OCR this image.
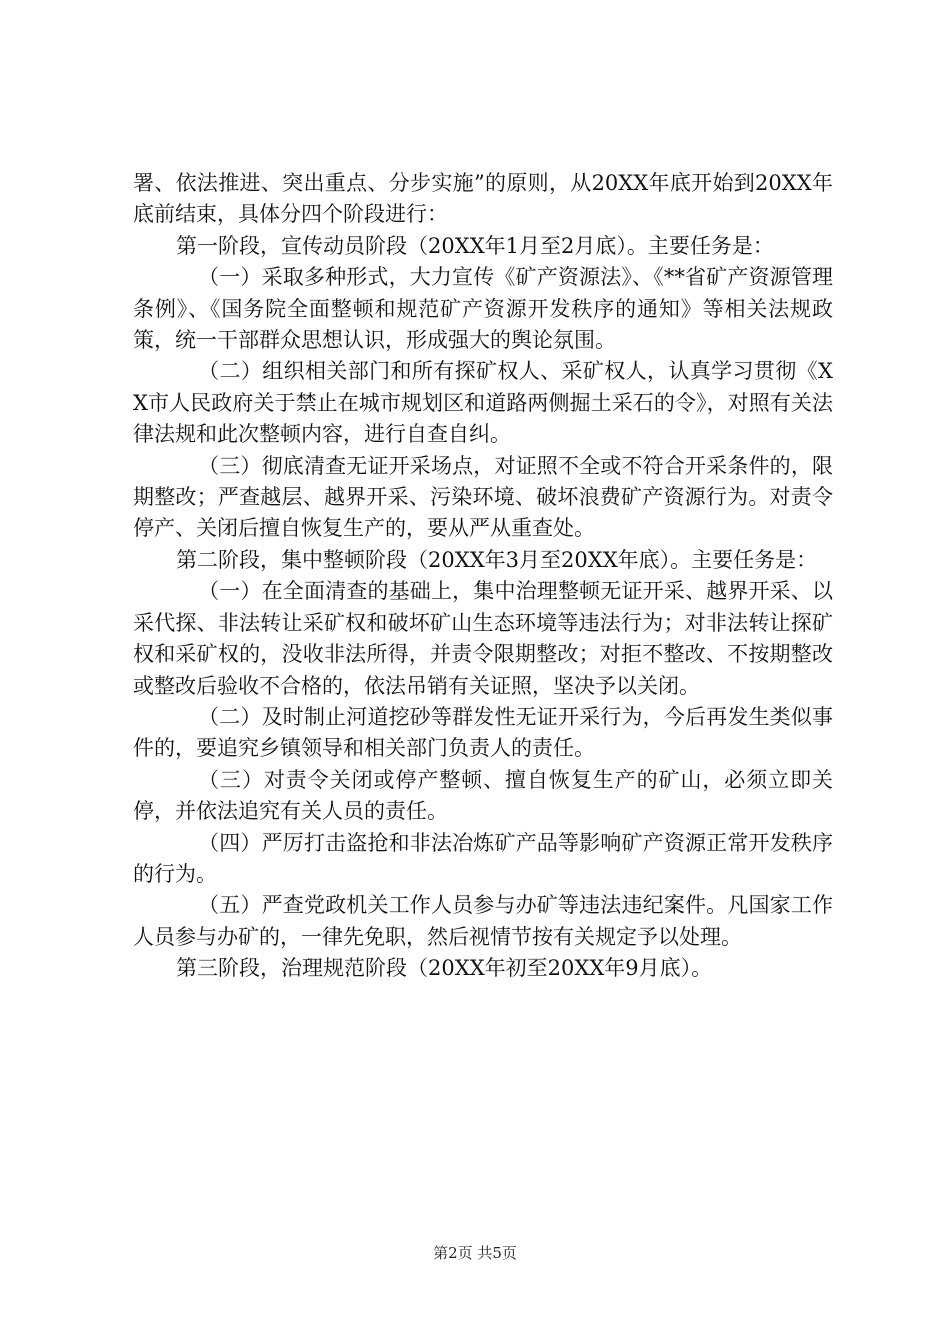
署、依法推进、突出重点、分步实施”的原则，从20XX年底开始到20XX年底前结束，具体分四个阶段进行：

第一阶段，宣传动员阶段（20XX年1月至2月底）。主要任务是：

（一）采取多种形式，大力宣传《矿产资源法》、《**省矿产资源管理条例》、《国务院全面整顿和规范矿产资源开发秩序的通知》等相关法规政策，统一干部群众思想认识，形成强大的舆论氛围。

（二）组织相关部门和所有探矿权人、采矿权人，认真学习贯彻《XX市人民政府关于禁止在城市规划区和道路两侧掘土采石的令》，对照有关法律法规和此次整顿内容，进行自查自纠。

（三）彻底清查无证开采场点，对证照不全或不符合开采条件的，限期整改；严查越层、越界开采、污染环境、破坏浪费矿产资源行为。对责令停产、关闭后擅自恢复生产的，要从严从重查处。

第二阶段，集中整顿阶段（20XX年3月至20XX年底）。主要任务是：

（一）在全面清查的基础上，集中治理整顿无证开采、越界开采、以采代探、非法转让采矿权和破坏矿山生态环境等违法行为；对非法转让探矿权和采矿权的，没收非法所得，并责令限期整改；对拒不整改、不按期整改或整改后验收不合格的，依法吊销有关证照，坚决予以关闭。

（二）及时制止河道挖砂等群发性无证开采行为，今后再发生类似事件的，要追究乡镇领导和相关部门负责人的责任。

（三）对责令关闭或停产整顿、擅自恢复生产的矿山，必须立即关停，并依法追究有关人员的责任。

（四）严厉打击盗抢和非法冶炼矿产品等影响矿产资源正常开发秩序的行为。

（五）严查党政机关工作人员参与办矿等违法违纪案件。凡国家工作人员参与办矿的，一律先免职，然后视情节按有关规定予以处理。

第三阶段，治理规范阶段（20XX年初至20XX年9月底）。

第2页 共5页
